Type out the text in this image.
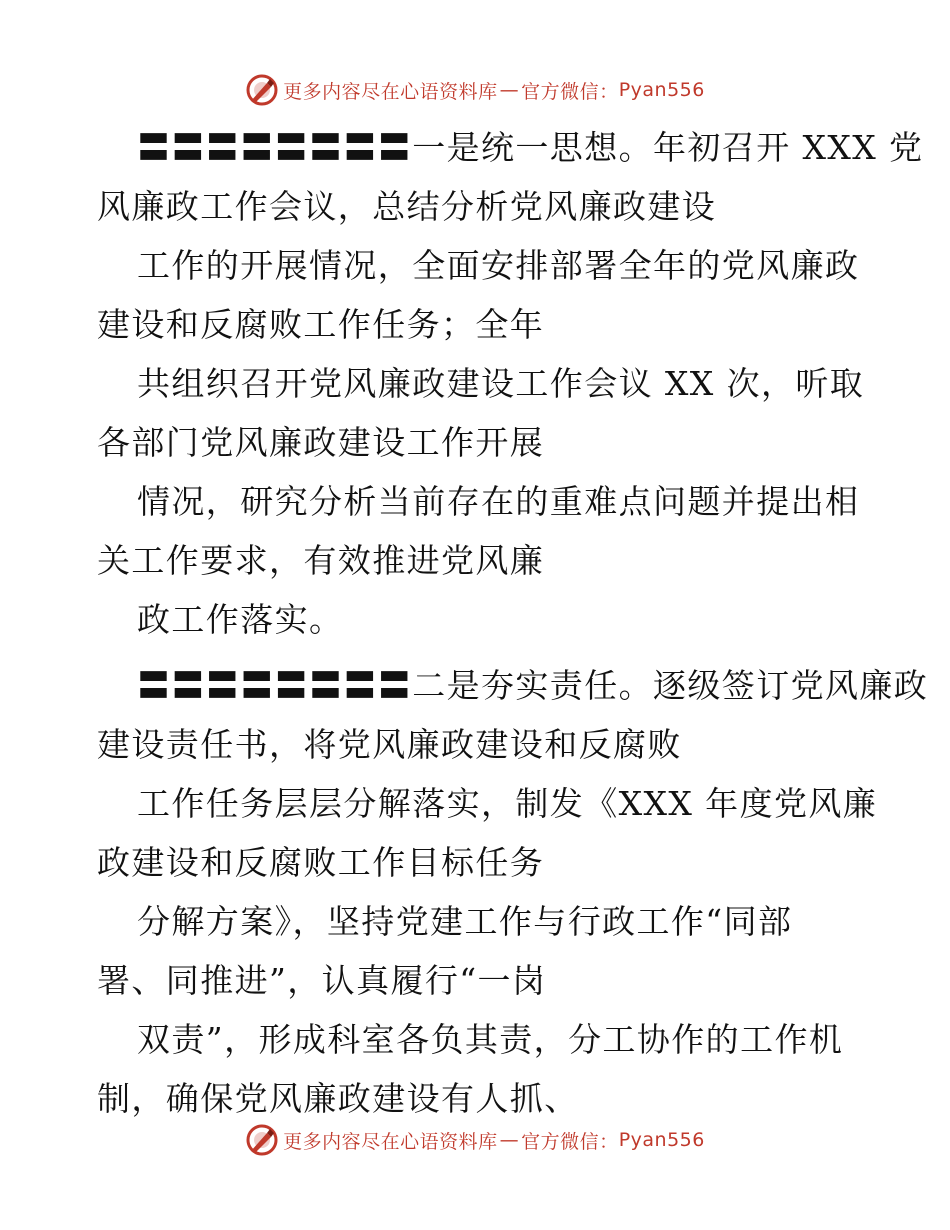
更多内容尽在心语资料库 — 官方微信： Pyan556
〓〓〓〓〓〓〓〓一是统一思想。年初召开 XXX 党
风廉政工作会议，总结分析党风廉政建设
工作的开展情况，全面安排部署全年的党风廉政
建设和反腐败工作任务；全年
共组织召开党风廉政建设工作会议 XX 次，听取
各部门党风廉政建设工作开展
情况，研究分析当前存在的重难点问题并提出相
关工作要求，有效推进党风廉
政工作落实。
〓〓〓〓〓〓〓〓二是夯实责任。逐级签订党风廉政
建设责任书，将党风廉政建设和反腐败
工作任务层层分解落实，制发《XXX 年度党风廉
政建设和反腐败工作目标任务
分解方案》，坚持党建工作与行政工作“同部
署、同推进”，认真履行“一岗
双责”，形成科室各负其责，分工协作的工作机
制，确保党风廉政建设有人抓、
更多内容尽在心语资料库 — 官方微信： Pyan556
